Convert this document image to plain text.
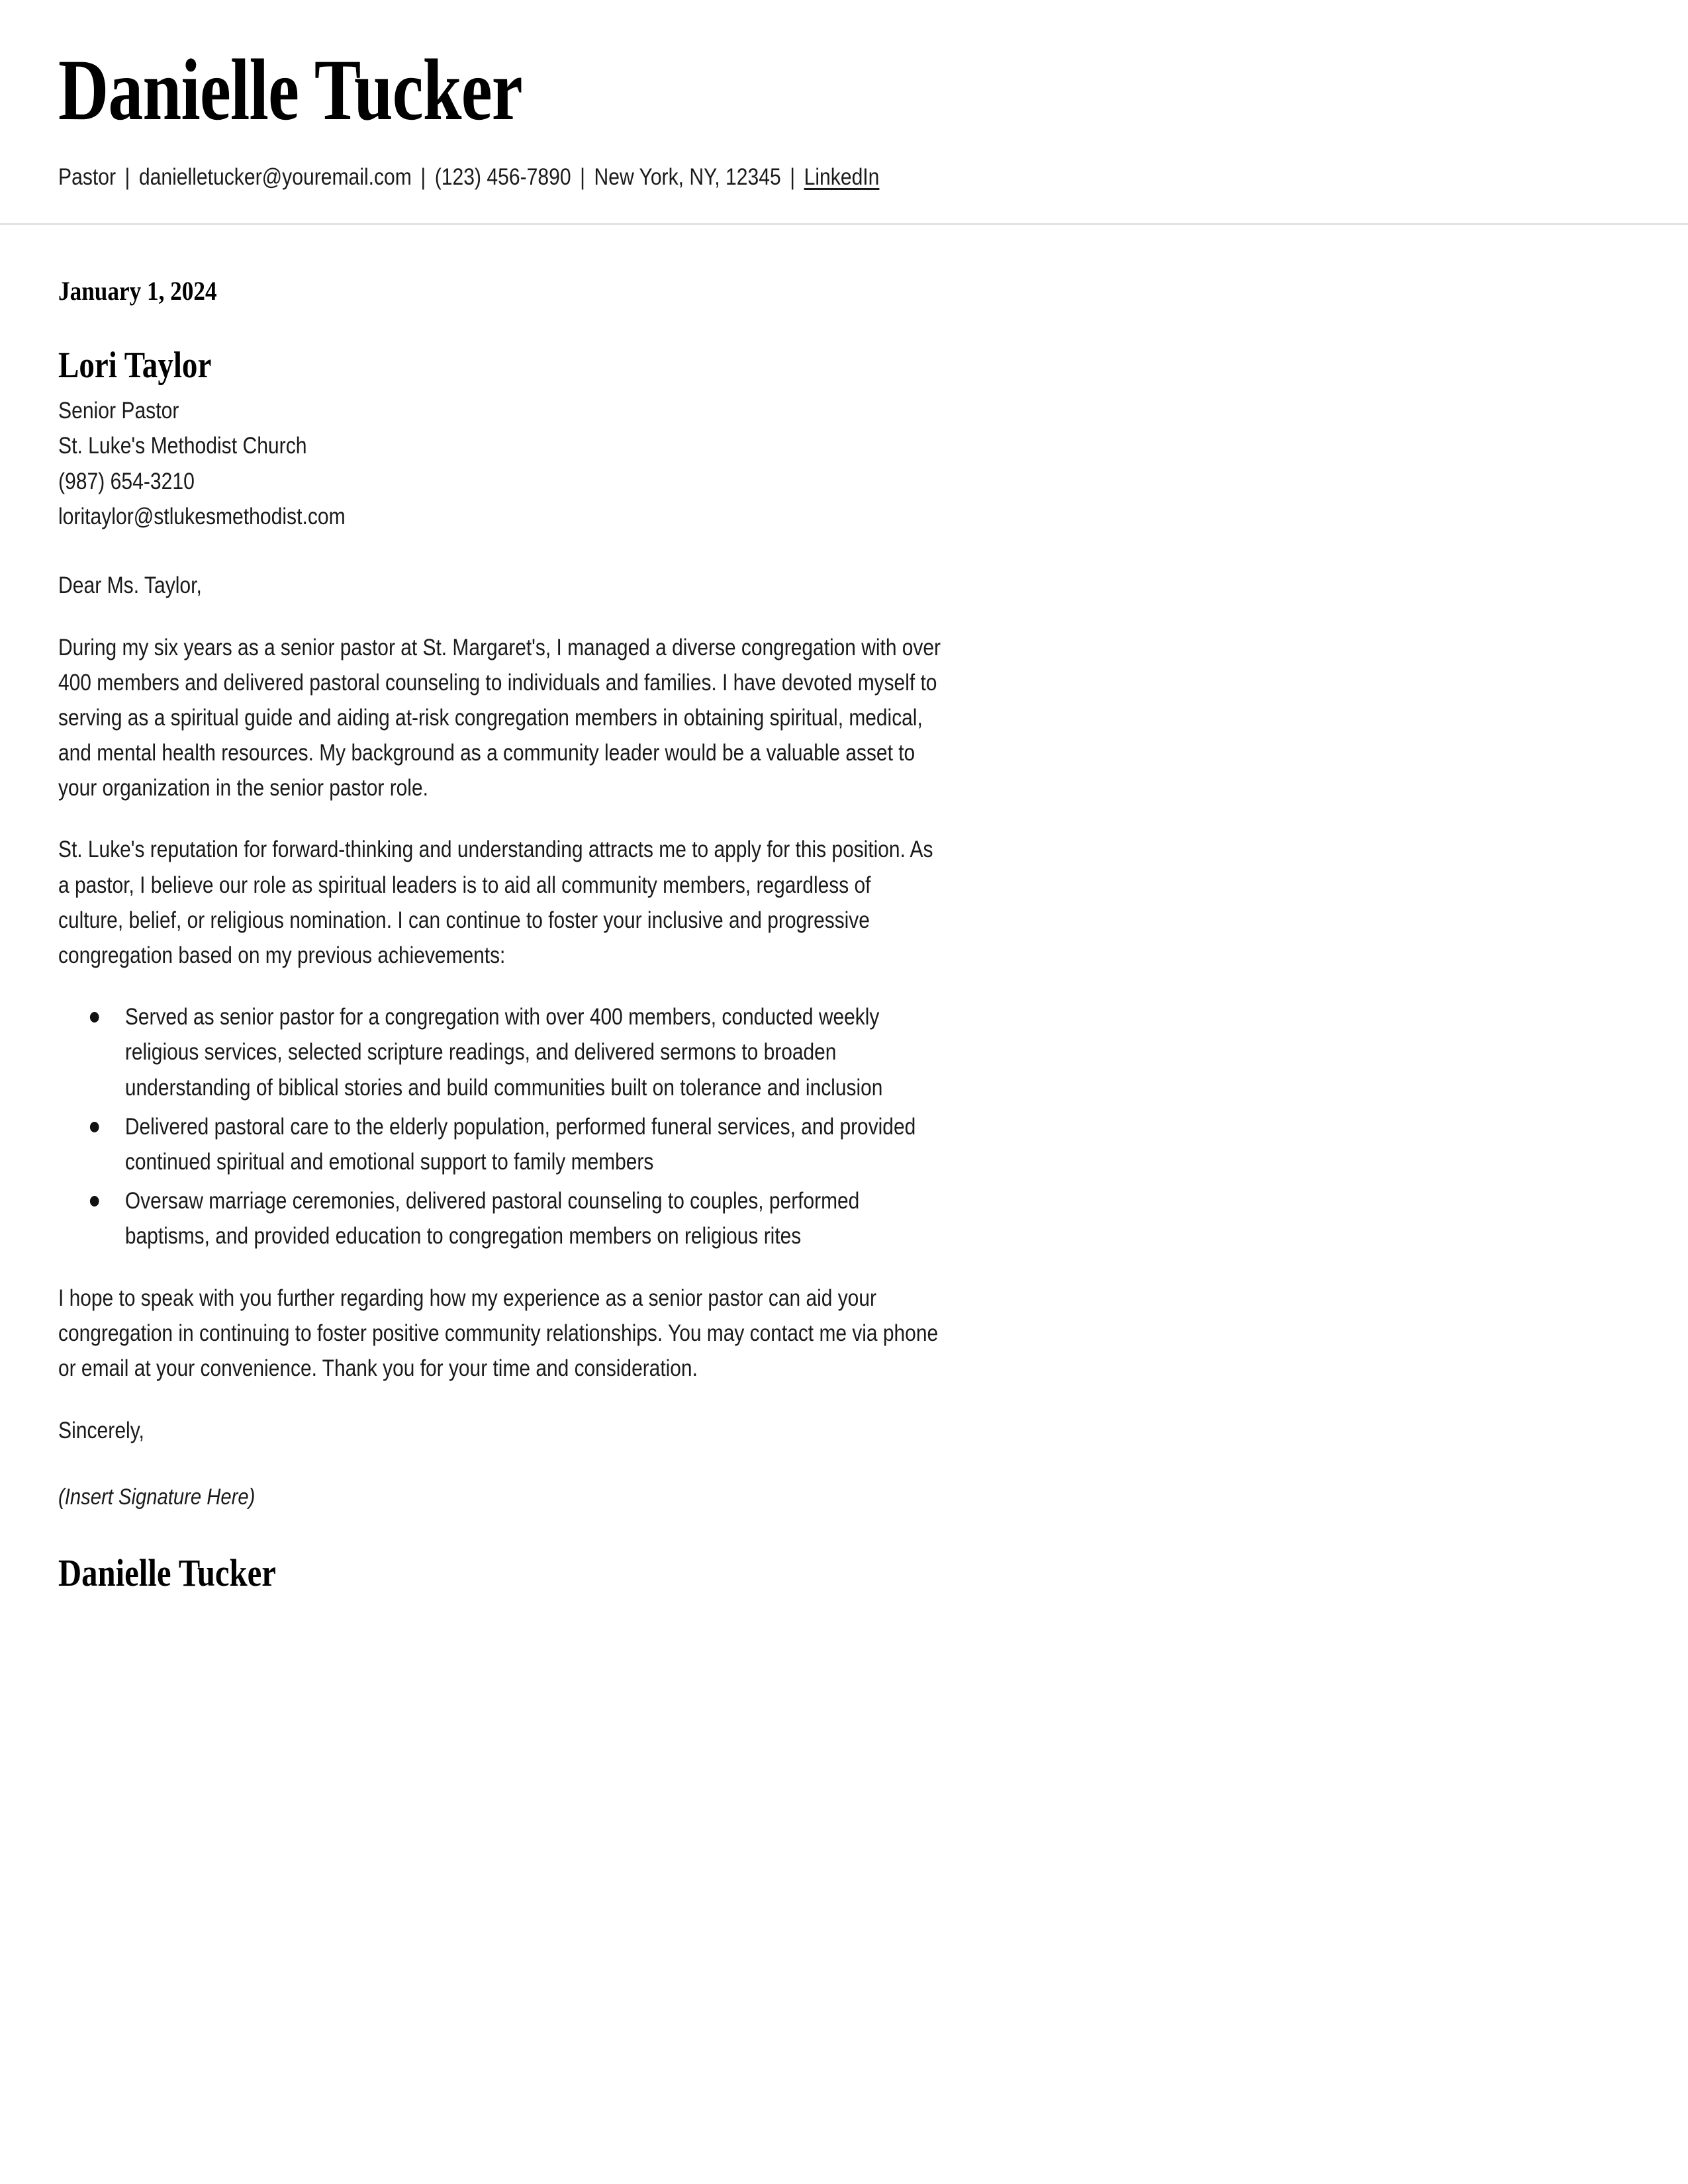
Danielle Tucker
Pastor | danielletucker@youremail.com | (123) 456-7890 | New York, NY, 12345 | LinkedIn
January 1, 2024
Lori Taylor
Senior Pastor
St. Luke's Methodist Church
(987) 654-3210
loritaylor@stlukesmethodist.com
Dear Ms. Taylor,

During my six years as a senior pastor at St. Margaret's, I managed a diverse congregation with over 400 members and delivered pastoral counseling to individuals and families. I have devoted myself to serving as a spiritual guide and aiding at-risk congregation members in obtaining spiritual, medical, and mental health resources. My background as a community leader would be a valuable asset to your organization in the senior pastor role.

St. Luke's reputation for forward-thinking and understanding attracts me to apply for this position. As a pastor, I believe our role as spiritual leaders is to aid all community members, regardless of culture, belief, or religious nomination. I can continue to foster your inclusive and progressive congregation based on my previous achievements:

Served as senior pastor for a congregation with over 400 members, conducted weekly religious services, selected scripture readings, and delivered sermons to broaden understanding of biblical stories and build communities built on tolerance and inclusion
Delivered pastoral care to the elderly population, performed funeral services, and provided continued spiritual and emotional support to family members
Oversaw marriage ceremonies, delivered pastoral counseling to couples, performed baptisms, and provided education to congregation members on religious rites

I hope to speak with you further regarding how my experience as a senior pastor can aid your congregation in continuing to foster positive community relationships. You may contact me via phone or email at your convenience. Thank you for your time and consideration.

Sincerely,
(Insert Signature Here)
Danielle Tucker
